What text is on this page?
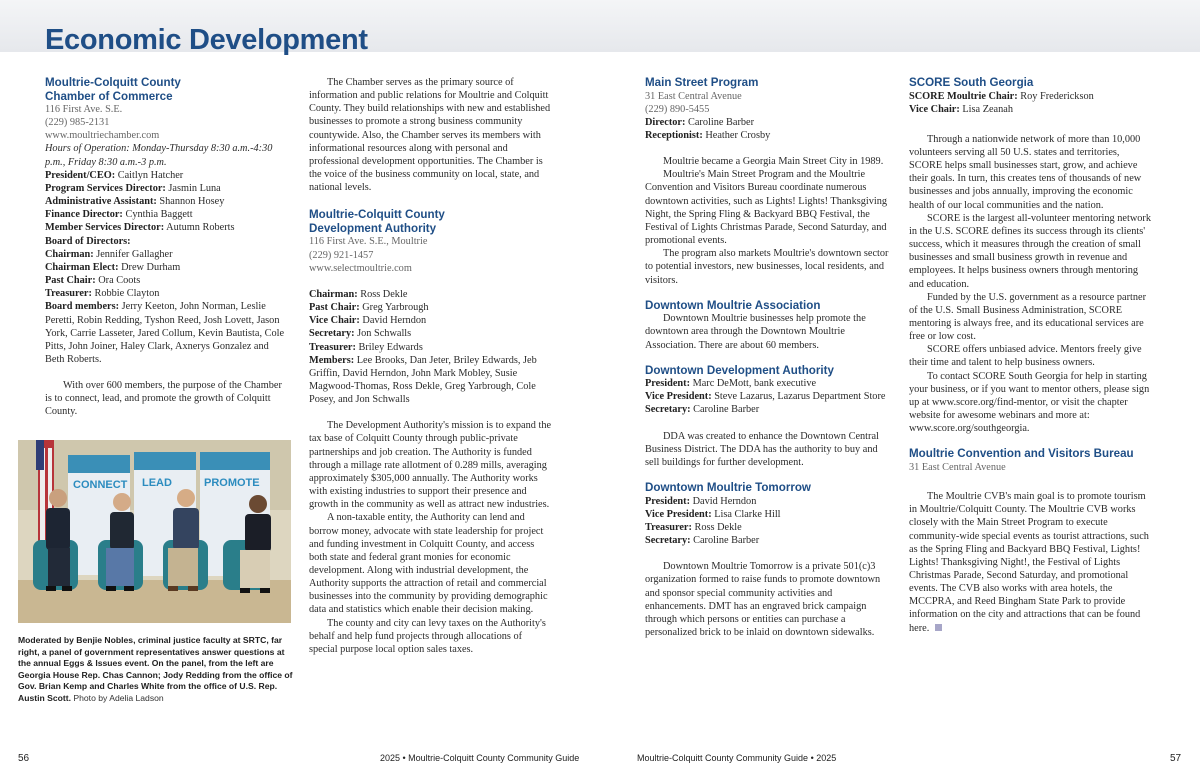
Economic Development

Moultrie-Colquitt County
Chamber of Commerce

116 First Ave. S.E.

(229) 985-2131

www.moultriechamber.com

Hours of Operation: Monday-Thursday 8:30 a.m.-4:30 p.m., Friday 8:30 a.m.-3 p.m.

President/CEO: Caitlyn Hatcher

Program Services Director: Jasmin Luna

Administrative Assistant: Shannon Hosey

Finance Director: Cynthia Baggett

Member Services Director: Autumn Roberts

Board of Directors:

Chairman: Jennifer Gallagher

Chairman Elect: Drew Durham

Past Chair: Ora Coots

Treasurer: Robbie Clayton

Board members: Jerry Keeton, John Norman, Leslie Peretti, Robin Redding, Tyshon Reed, Josh Lovett, Jason York, Carrie Lasseter, Jared Collum, Kevin Bautista, Cole Pitts, John Joiner, Haley Clark, Axnerys Gonzalez and Beth Roberts.

With over 600 members, the purpose of the Chamber is to connect, lead, and promote the growth of Colquitt County.

CONNECT LEAD	PROMOTE
Moderated by Benjie Nobles, criminal justice faculty at SRTC, far right, a panel of government representatives answer questions at the annual Eggs & Issues event. On the panel, from the left are Georgia House Rep. Chas Cannon; Jody Redding from the office of Gov. Brian Kemp and Charles White from the office of U.S. Rep. Austin Scott. Photo by Adelia Ladson

The Chamber serves as the primary source of information and public relations for Moultrie and Colquitt County. They build relationships with new and established businesses to promote a strong business community countywide. Also, the Chamber serves its members with informational resources along with personal and professional development opportunities. The Chamber is the voice of the business community on local, state, and national levels.

Moultrie-Colquitt County
Development Authority

116 First Ave. S.E., Moultrie

(229) 921-1457

www.selectmoultrie.com

Chairman: Ross Dekle

Past Chair: Greg Yarbrough

Vice Chair: David Herndon

Secretary: Jon Schwalls

Treasurer: Briley Edwards

Members: Lee Brooks, Dan Jeter, Briley Edwards, Jeb Griffin, David Herndon, John Mark Mobley, Susie Magwood-Thomas, Ross Dekle, Greg Yarbrough, Cole Posey, and Jon Schwalls

The Development Authority's mission is to expand the tax base of Colquitt County through public-private partnerships and job creation. The Authority is funded through a millage rate allotment of 0.289 mills, averaging approximately $305,000 annually. The Authority works with existing industries to support their presence and growth in the community as well as attract new industries.

A non-taxable entity, the Authority can lend and borrow money, advocate with state leadership for project and funding investment in Colquitt County, and access both state and federal grant monies for economic development. Along with industrial development, the Authority supports the attraction of retail and commercial businesses into the community by providing demographic data and statistics which enable their decision making.

The county and city can levy taxes on the Authority's behalf and help fund projects through allocations of special purpose local option sales taxes.

Main Street Program

31 East Central Avenue

(229) 890-5455

Director: Caroline Barber

Receptionist: Heather Crosby

Moultrie became a Georgia Main Street City in 1989.

Moultrie's Main Street Program and the Moultrie Convention and Visitors Bureau coordinate numerous downtown activities, such as Lights! Lights! Thanksgiving Night, the Spring Fling & Backyard BBQ Festival, the Festival of Lights Christmas Parade, Second Saturday, and promotional events.

The program also markets Moultrie's downtown sector to potential investors, new businesses, local residents, and visitors.

Downtown Moultrie Association

Downtown Moultrie businesses help promote the downtown area through the Downtown Moultrie Association. There are about 60 members.

Downtown Development Authority

President: Marc DeMott, bank executive

Vice President: Steve Lazarus, Lazarus Department Store

Secretary: Caroline Barber

DDA was created to enhance the Downtown Central Business District. The DDA has the authority to buy and sell buildings for further development.

Downtown Moultrie Tomorrow

President: David Herndon

Vice President: Lisa Clarke Hill

Treasurer: Ross Dekle

Secretary: Caroline Barber

Downtown Moultrie Tomorrow is a private 501(c)3 organization formed to raise funds to promote downtown and sponsor special community activities and enhancements. DMT has an engraved brick campaign through which persons or entities can purchase a personalized brick to be inlaid on downtown sidewalks.

SCORE South Georgia

SCORE Moultrie Chair: Roy Frederickson

Vice Chair: Lisa Zeanah

Through a nationwide network of more than 10,000 volunteers serving all 50 U.S. states and territories, SCORE helps small businesses start, grow, and achieve their goals. In turn, this creates tens of thousands of new businesses and jobs annually, improving the economic health of our local communities and the nation.

SCORE is the largest all-volunteer mentoring network in the U.S. SCORE defines its success through its clients' success, which it measures through the creation of small businesses and small business growth in revenue and employees. It helps business owners through mentoring and education.

Funded by the U.S. government as a resource partner of the U.S. Small Business Administration, SCORE mentoring is always free, and its educational services are free or low cost.

SCORE offers unbiased advice. Mentors freely give their time and talent to help business owners.

To contact SCORE South Georgia for help in starting your business, or if you want to mentor others, please sign up at www.score.org/find-mentor, or visit the chapter website for awesome webinars and more at: www.score.org/southgeorgia.

Moultrie Convention and Visitors Bureau

31 East Central Avenue

The Moultrie CVB's main goal is to promote tourism in Moultrie/Colquitt County. The Moultrie CVB works closely with the Main Street Program to execute community-wide special events as tourist attractions, such as the Spring Fling and Backyard BBQ Festival, Lights! Lights! Thanksgiving Night!, the Festival of Lights Christmas Parade, Second Saturday, and promotional events. The CVB also works with area hotels, the MCCPRA, and Reed Bingham State Park to provide information on the city and attractions that can be found here.

56	2025 • Moultrie-Colquitt County Community Guide	Moultrie-Colquitt County Community Guide • 2025	57
